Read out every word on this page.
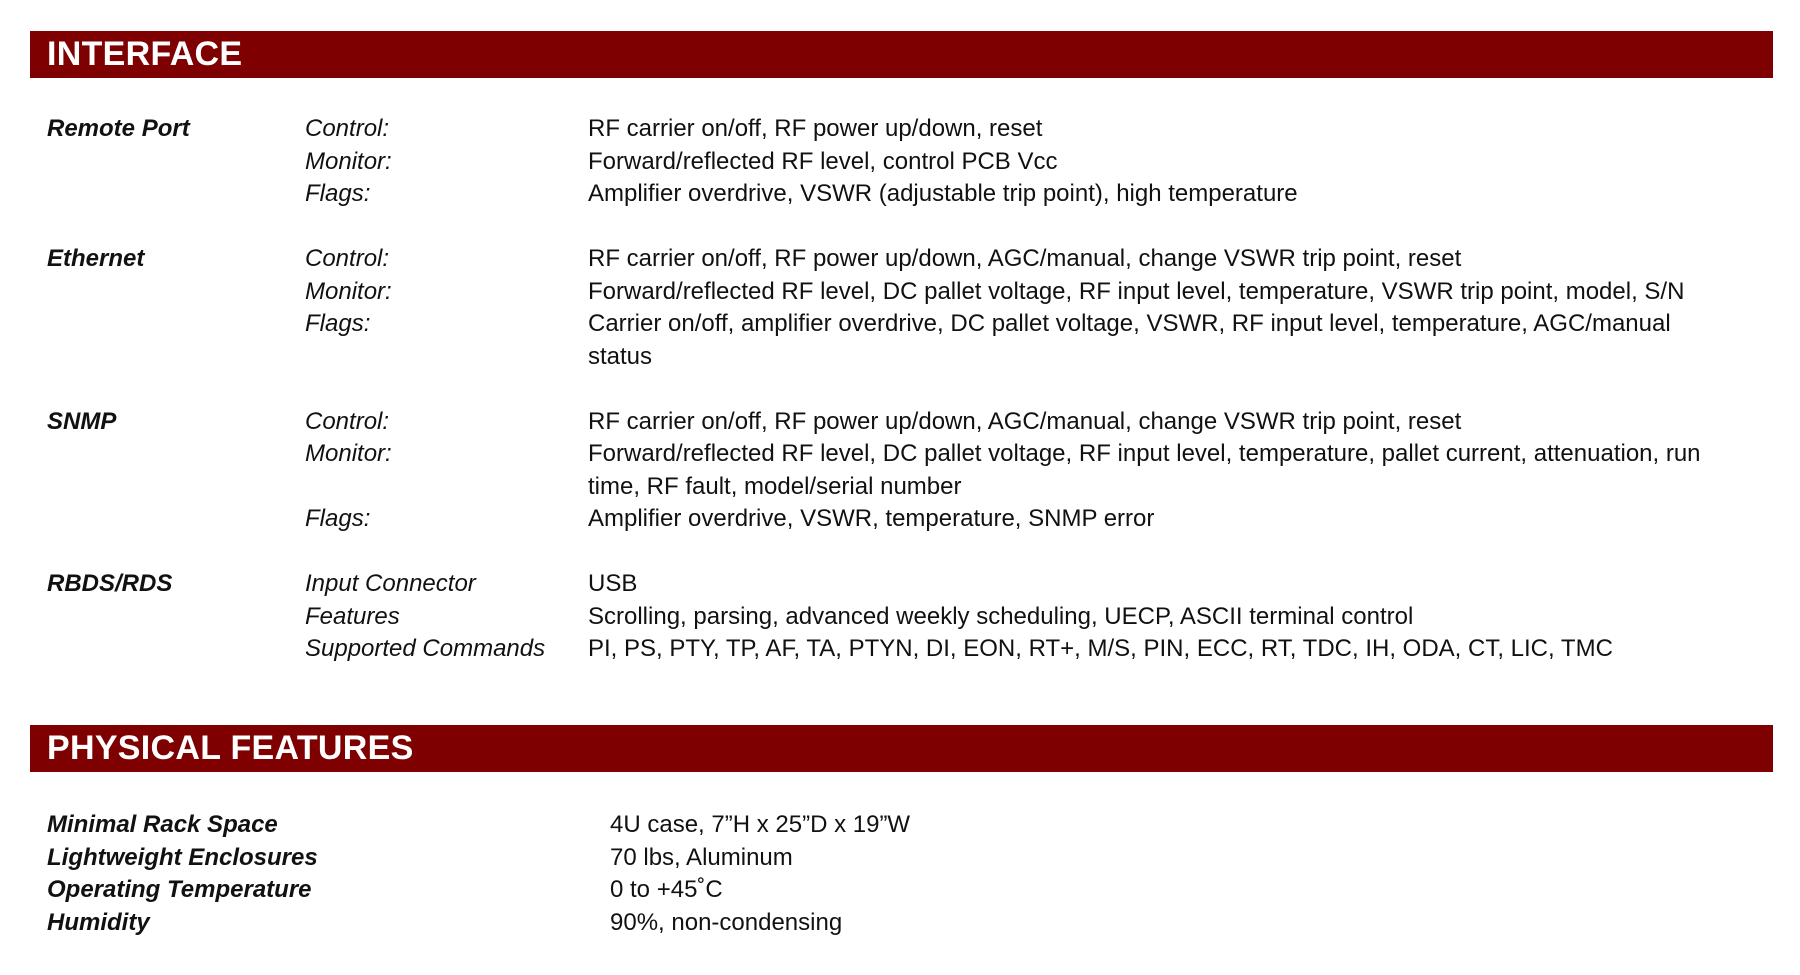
INTERFACE
Remote Port	Control:	RF carrier on/off, RF power up/down, reset
Monitor:	Forward/reflected RF level, control PCB Vcc
Flags:	Amplifier overdrive, VSWR (adjustable trip point), high temperature
Ethernet	Control:	RF carrier on/off, RF power up/down, AGC/manual, change VSWR trip point, reset
Monitor:	Forward/reflected RF level, DC pallet voltage, RF input level, temperature, VSWR trip point, model, S/N
Flags:	Carrier on/off, amplifier overdrive, DC pallet voltage, VSWR, RF input level, temperature, AGC/manual
status
SNMP	Control:	RF carrier on/off, RF power up/down, AGC/manual, change VSWR trip point, reset
Monitor:	Forward/reflected RF level, DC pallet voltage, RF input level, temperature, pallet current, attenuation, run
time, RF fault, model/serial number
Flags:	Amplifier overdrive, VSWR, temperature, SNMP error
RBDS/RDS	Input Connector	USB
Features	Scrolling, parsing, advanced weekly scheduling, UECP, ASCII terminal control
Supported Commands PI, PS, PTY, TP, AF, TA, PTYN, DI, EON, RT+, M/S, PIN, ECC, RT, TDC, IH, ODA, CT, LIC, TMC
PHYSICAL FEATURES
Minimal Rack Space	4U case, 7”H x 25”D x 19”W
Lightweight Enclosures	70 lbs, Aluminum
Operating Temperature	0 to +45˚C
Humidity	90%, non-condensing
